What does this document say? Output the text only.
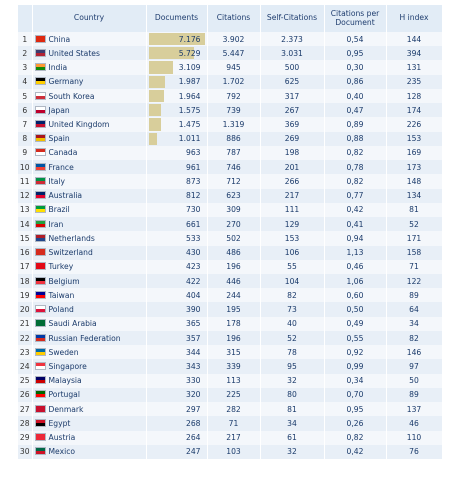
	Country	Documents	Citations	Self-Citations	Citations per Document	H index
1	China	7.176	3.902	2.373	0,54	144
2	United States	5.729	5.447	3.031	0,95	394
3	India	3.109	945	500	0,30	131
4	Germany	1.987	1.702	625	0,86	235
5	South Korea	1.964	792	317	0,40	128
6	Japan	1.575	739	267	0,47	174
7	United Kingdom	1.475	1.319	369	0,89	226
8	Spain	1.011	886	269	0,88	153
9	Canada	963	787	198	0,82	169
10	France	961	746	201	0,78	173
11	Italy	873	712	266	0,82	148
12	Australia	812	623	217	0,77	134
13	Brazil	730	309	111	0,42	81
14	Iran	661	270	129	0,41	52
15	Netherlands	533	502	153	0,94	171
16	Switzerland	430	486	106	1,13	158
17	Turkey	423	196	55	0,46	71
18	Belgium	422	446	104	1,06	122
19	Taiwan	404	244	82	0,60	89
20	Poland	390	195	73	0,50	64
21	Saudi Arabia	365	178	40	0,49	34
22	Russian Federation	357	196	52	0,55	82
23	Sweden	344	315	78	0,92	146
24	Singapore	343	339	95	0,99	97
25	Malaysia	330	113	32	0,34	50
26	Portugal	320	225	80	0,70	89
27	Denmark	297	282	81	0,95	137
28	Egypt	268	71	34	0,26	46
29	Austria	264	217	61	0,82	110
30	Mexico	247	103	32	0,42	76
